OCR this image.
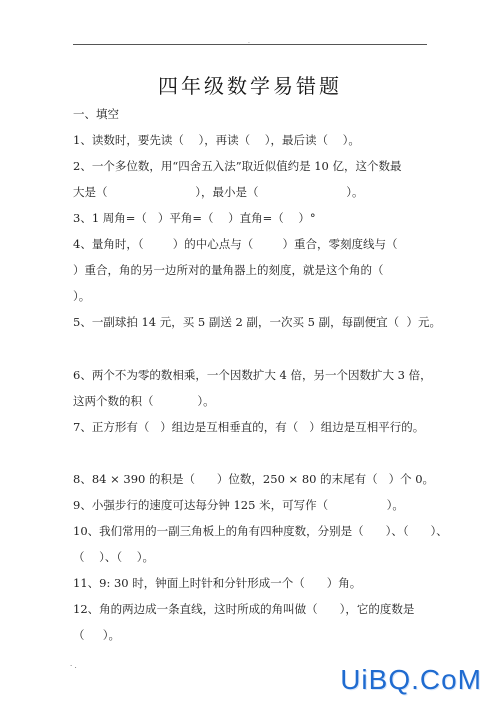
.
四年级数学易错题
一、填空
1、读数时，要先读（    ），再读（    ），最后读（    ）。
2、一个多位数，用“四舍五入法”取近似值约是 10 亿，这个数最
大是（                        ），最小是（                        ）。
3、1 周角=（   ）平角=（    ）直角=（    ）°
4、量角时，（        ）的中心点与（        ）重合，零刻度线与（
）重合，角的另一边所对的量角器上的刻度，就是这个角的（
）。
5、一副球拍 14 元，买 5 副送 2 副，一次买 5 副，每副便宜（  ）元。
6、两个不为零的数相乘，一个因数扩大 4 倍，另一个因数扩大 3 倍，
这两个数的积（            ）。
7、正方形有（   ）组边是互相垂直的，有（   ）组边是互相平行的。
8、84 × 390 的积是（      ）位数，250 × 80 的末尾有（   ）个 0。
9、小强步行的速度可达每分钟 125 米，可写作（                ）。
10、我们常用的一副三角板上的角有四种度数，分别是（      ）、（      ）、
（    ）、（    ）。
11、9: 30 时，钟面上时针和分针形成一个（      ）角。
12、角的两边成一条直线，这时所成的角叫做（      ），它的度数是
（     ）。
· .	UiBQ.CoM
